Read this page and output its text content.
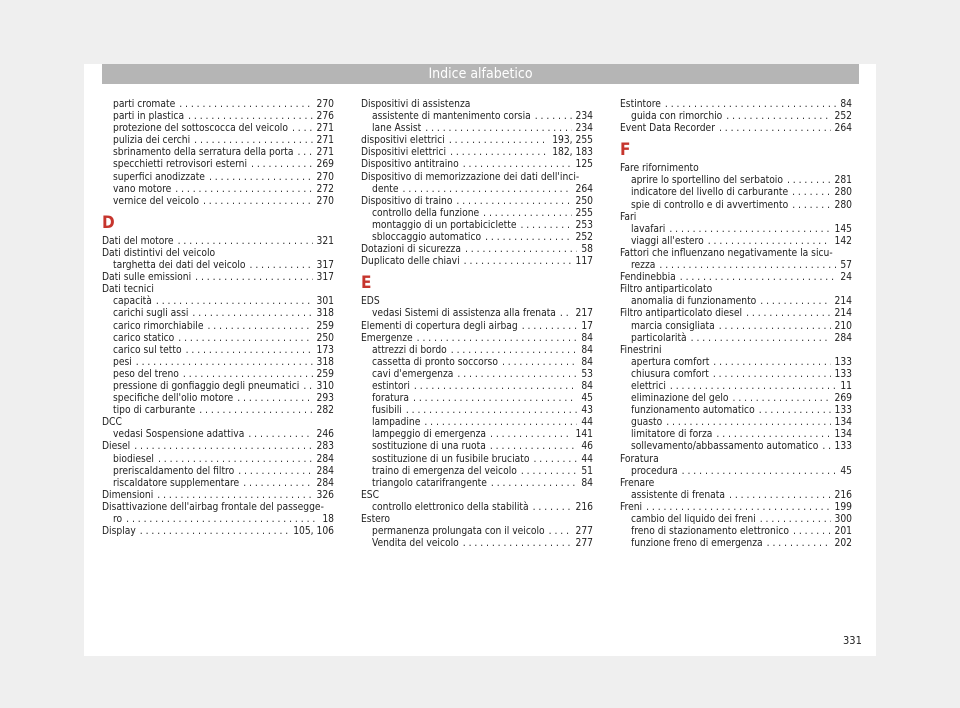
Indice alfabetico
parti cromate . . .	270
parti in plastica . . .	276
protezione del sottoscocca del veicolo . . .	271
pulizia dei cerchi . . .	271
sbrinamento della serratura della porta . . . 271
specchietti retrovisori esterni . . .	269
superfici anodizzate . . .	270
vano motore . . .	272
vernice del veicolo . . .	270
D
Dati del motore . . .	321
Dati distintivi del veicolo
targhetta dei dati del veicolo . . .	317
Dati sulle emissioni . . .	317
Dati tecnici
capacità . . .	301
carichi sugli assi . . .	318
carico rimorchiabile . . .	259
carico statico . . .	250
carico sul tetto . . .	173
pesi . . .	318
peso del treno . . .	259
pressione di gonfiaggio degli pneumatici . . . 310
specifiche dell'olio motore . . .	293
tipo di carburante . . .	282
DCC
vedasi Sospensione adattiva . . .	246
Diesel . . .	283
biodiesel . . .	284
preriscaldamento del filtro . . .	284
riscaldatore supplementare . . .	284
Dimensioni . . .	326
Disattivazione dell'airbag frontale del passegge-
ro . . .	18
Display . . .	105, 106
Dispositivi di assistenza
assistente di mantenimento corsia . . .	234
lane Assist . . .	234
dispositivi elettrici . . .	193, 255
Dispositivi elettrici . . .	182, 183
Dispositivo antitraino . . .	125
Dispositivo di memorizzazione dei dati dell'inci-
dente . . .	264
Dispositivo di traino . . .	250
controllo della funzione . . .	255
montaggio di un portabiciclette . . .	253
sbloccaggio automatico . . .	252
Dotazioni di sicurezza . . .	58
Duplicato delle chiavi . . .	117
E
EDS
vedasi Sistemi di assistenza alla frenata . . . 217
Elementi di copertura degli airbag . . .	17
Emergenze . . .	84
attrezzi di bordo . . .	84
cassetta di pronto soccorso . . .	84
cavi d'emergenza . . .	53
estintori . . .	84
foratura . . .	45
fusibili . . .	43
lampadine . . .	44
lampeggio di emergenza . . .	141
sostituzione di una ruota . . .	46
sostituzione di un fusibile bruciato . . .	44
traino di emergenza del veicolo . . .	51
triangolo catarifrangente . . .	84
ESC
controllo elettronico della stabilità . . .	216
Estero
permanenza prolungata con il veicolo . . .	277
Vendita del veicolo . . .	277
Estintore . . .	84
guida con rimorchio . . .	252
Event Data Recorder . . .	264
F
Fare rifornimento
aprire lo sportellino del serbatoio . . .	281
indicatore del livello di carburante . . .	280
spie di controllo e di avvertimento . . .	280
Fari
lavafari . . .	145
viaggi all'estero . . .	142
Fattori che influenzano negativamente la sicu-
rezza . . .	57
Fendinebbia . . .	24
Filtro antiparticolato
anomalia di funzionamento . . .	214
Filtro antiparticolato diesel . . .	214
marcia consigliata . . .	210
particolarità . . .	284
Finestrini
apertura comfort . . .	133
chiusura comfort . . .	133
elettrici . . .	11
eliminazione del gelo . . .	269
funzionamento automatico . . .	133
guasto . . .	134
limitatore di forza . . .	134
sollevamento/abbassamento automatico . . . 133
Foratura
procedura . . .	45
Frenare
assistente di frenata . . .	216
Freni . . .	199
cambio del liquido dei freni . . .	300
freno di stazionamento elettronico . . .	201
funzione freno di emergenza . . .	202
331
